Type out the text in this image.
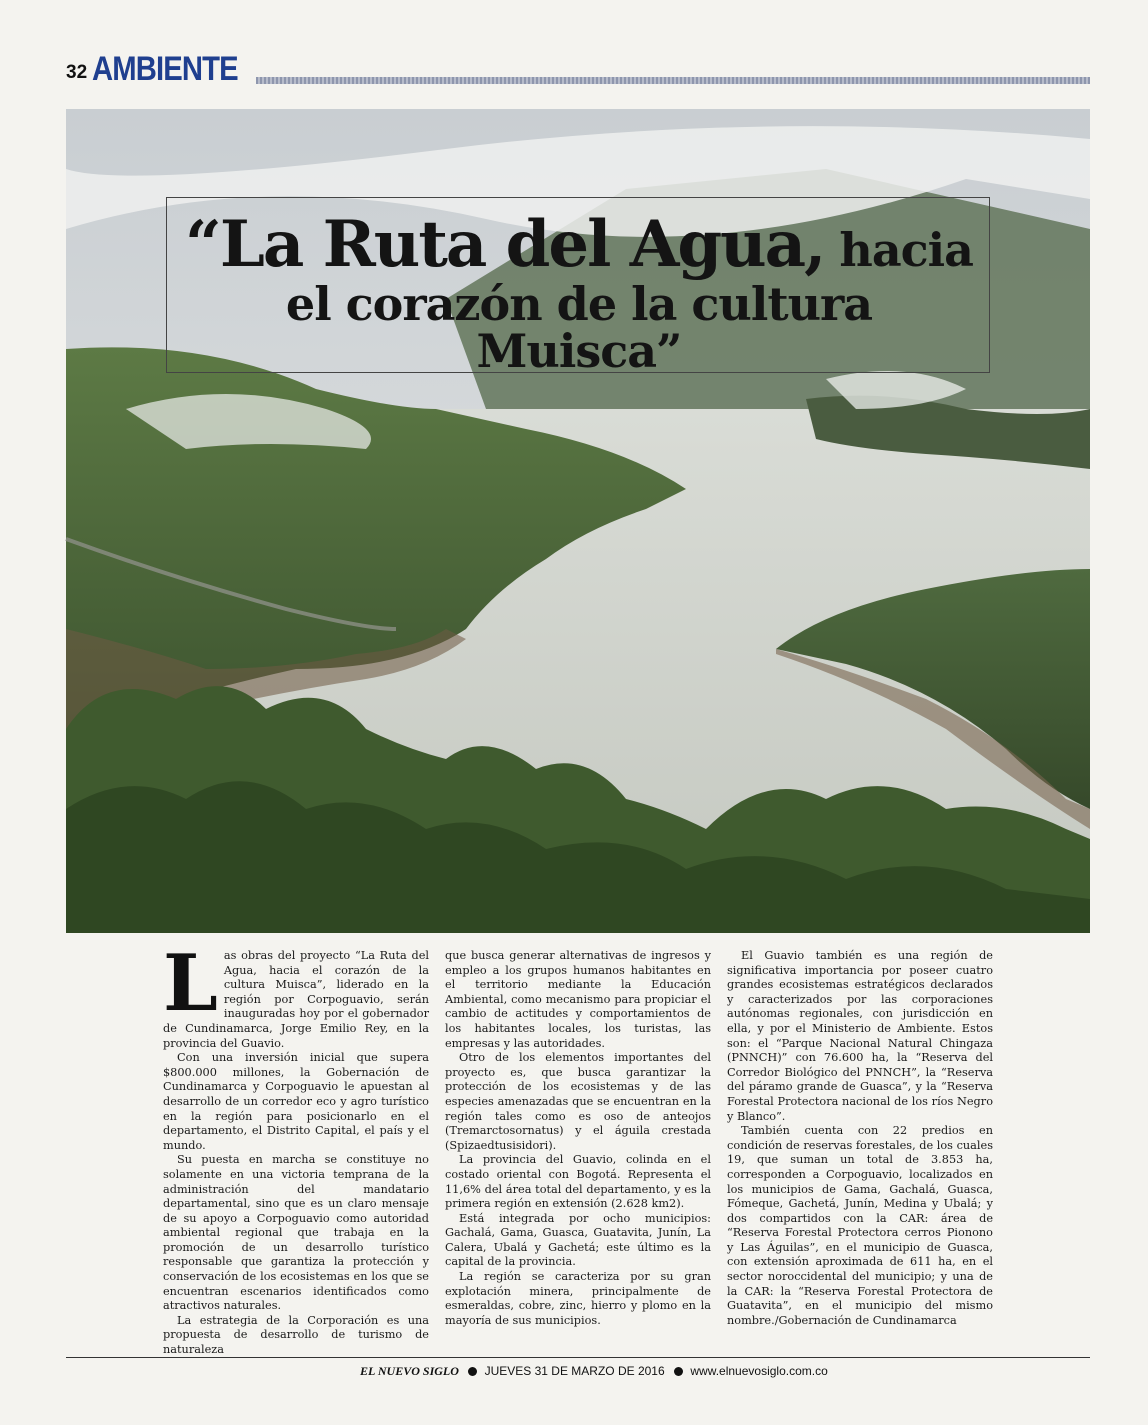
32 AMBIENTE
“La Ruta del Agua, hacia
el corazón de la cultura Muisca”
L as obras del proyecto “La Ruta del Agua, hacia el corazón de la cultura Muisca”, liderado en la región por Corpoguavio, serán inauguradas hoy por el gobernador de Cundinamarca, Jorge Emilio Rey, en la provincia del Guavio.

Con una inversión inicial que supera $800.000 millones, la Gobernación de Cundinamarca y Corpoguavio le apuestan al desarrollo de un corredor eco y agro turístico en la región para posicionarlo en el departamento, el Distrito Capital, el país y el mundo.

Su puesta en marcha se constituye no solamente en una victoria temprana de la administración del mandatario departamental, sino que es un claro mensaje de su apoyo a Corpoguavio como autoridad ambiental regional que trabaja en la promoción de un desarrollo turístico responsable que garantiza la protección y conservación de los ecosistemas en los que se encuentran escenarios identificados como atractivos naturales.

La estrategia de la Corporación es una propuesta de desarrollo de turismo de naturaleza

que busca generar alternativas de ingresos y empleo a los grupos humanos habitantes en el territorio mediante la Educación Ambiental, como mecanismo para propiciar el cambio de actitudes y comportamientos de los habitantes locales, los turistas, las empresas y las autoridades.

Otro de los elementos importantes del proyecto es, que busca garantizar la protección de los ecosistemas y de las especies amenazadas que se encuentran en la región tales como es oso de anteojos (Tremarctosornatus) y el águila crestada (Spizaedtusisidori).

La provincia del Guavio, colinda en el costado oriental con Bogotá. Representa el 11,6% del área total del departamento, y es la primera región en extensión (2.628 km2).

Está integrada por ocho municipios: Gachalá, Gama, Guasca, Guatavita, Junín, La Calera, Ubalá y Gachetá; este último es la capital de la provincia.

La región se caracteriza por su gran explotación minera, principalmente de esmeraldas, cobre, zinc, hierro y plomo en la mayoría de sus municipios.

El Guavio también es una región de significativa importancia por poseer cuatro grandes ecosistemas estratégicos declarados y caracterizados por las corporaciones autónomas regionales, con jurisdicción en ella, y por el Ministerio de Ambiente. Estos son: el “Parque Nacional Natural Chingaza (PNNCH)” con 76.600 ha, la “Reserva del Corredor Biológico del PNNCH”, la “Reserva del páramo grande de Guasca”, y la “Reserva Forestal Protectora nacional de los ríos Negro y Blanco”.

También cuenta con 22 predios en condición de reservas forestales, de los cuales 19, que suman un total de 3.853 ha, corresponden a Corpoguavio, localizados en los municipios de Gama, Gachalá, Guasca, Fómeque, Gachetá, Junín, Medina y Ubalá; y dos compartidos con la CAR: área de “Reserva Forestal Protectora cerros Pionono y Las Águilas”, en el municipio de Guasca, con extensión aproximada de 611 ha, en el sector noroccidental del municipio; y una de la CAR: la “Reserva Forestal Protectora de Guatavita”, en el municipio del mismo nombre./Gobernación de Cundinamarca

EL NUEVO SIGLO JUEVES 31 DE MARZO DE 2016 www.elnuevosiglo.com.co
